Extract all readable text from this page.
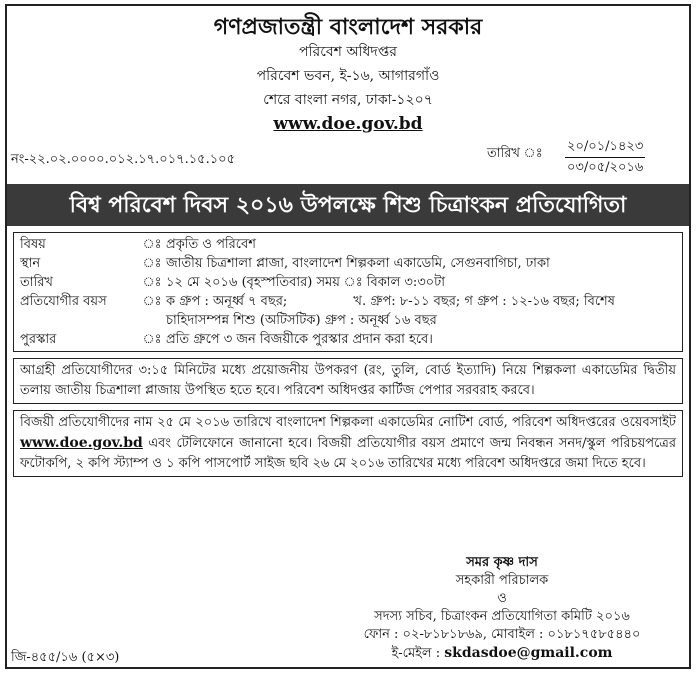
গণপ্রজাতন্ত্রী বাংলাদেশ সরকার
পরিবেশ অধিদপ্তর
পরিবেশ ভবন, ই-১৬, আগারগাঁও
শেরে বাংলা নগর, ঢাকা-১২০৭
www.doe.gov.bd
নং-২২.০২.০০০০.০১২.১৭.০১৭.১৫.১০৫	তারিখ ঃ ২০/০১/১৪২৩
০৩/০৫/২০১৬
বিশ্ব পরিবেশ দিবস ২০১৬ উপলক্ষে শিশু চিত্রাংকন প্রতিযোগিতা
বিষয়	ঃ	প্রকৃতি ও পরিবেশ
স্থান	ঃ	জাতীয় চিত্রশালা প্লাজা, বাংলাদেশ শিল্পকলা একাডেমি, সেগুনবাগিচা, ঢাকা
তারিখ	ঃ	১২ মে ২০১৬ (বৃহস্পতিবার) সময় ঃ বিকাল ৩:৩০টা
প্রতিযোগীর বয়স	ঃ	ক গ্রুপ : অনূর্ধ্ব ৭ বছর;                খ. গ্রুপ: ৮-১১ বছর; গ গ্রুপ : ১২-১৬ বছর; বিশেষ চাহিদাসম্পন্ন শিশু (অটিসটিক) গ্রুপ : অনূর্ধ্ব ১৬ বছর
পুরস্কার	ঃ	প্রতি গ্রুপে ৩ জন বিজয়ীকে পুরস্কার প্রদান করা হবে।
আগ্রহী প্রতিযোগীদের ৩:১৫ মিনিটের মধ্যে প্রয়োজনীয় উপকরণ (রং, তুলি, বোর্ড ইত্যাদি) নিয়ে শিল্পকলা একাডেমির দ্বিতীয় তলায় জাতীয় চিত্রশালা প্লাজায় উপস্থিত হতে হবে। পরিবেশ অধিদপ্তর কার্টিজ পেপার সরবরাহ করবে।
বিজয়ী প্রতিযোগীদের নাম ২৫ মে ২০১৬ তারিখে বাংলাদেশ শিল্পকলা একাডেমির নোটিশ বোর্ড, পরিবেশ অধিদপ্তরের ওয়েবসাইট www.doe.gov.bd এবং টেলিফোনে জানানো হবে। বিজয়ী প্রতিযোগীর বয়স প্রমাণে জন্ম নিবন্ধন সনদ/স্কুল পরিচয়পত্রের ফটোকপি, ২ কপি স্ট্যাম্প ও ১ কপি পাসপোর্ট সাইজ ছবি ২৬ মে ২০১৬ তারিখের মধ্যে পরিবেশ অধিদপ্তরে জমা দিতে হবে।
সমর কৃষ্ণ দাস
সহকারী পরিচালক
ও
সদস্য সচিব, চিত্রাংকন প্রতিযোগিতা কমিটি ২০১৬
ফোন : ০২-৮১৮১৮৬৯, মোবাইল : ০১৮১৭৫৮৫৪৪০
ই-মেইল : skdasdoe@gmail.com
জি-৪৫৫/১৬ (৫×৩)
